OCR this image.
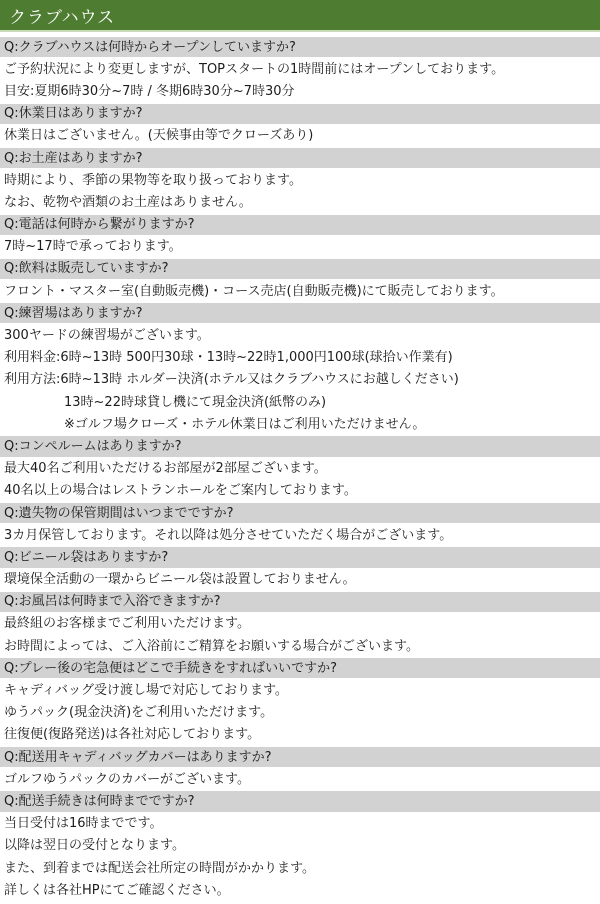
クラブハウス
Q:クラブハウスは何時からオープンしていますか?
ご予約状況により変更しますが、TOPスタートの1時間前にはオープンしております。
目安:夏期6時30分~7時 / 冬期6時30分~7時30分
Q:休業日はありますか?
休業日はございません。(天候事由等でクローズあり)
Q:お土産はありますか?
時期により、季節の果物等を取り扱っております。
なお、乾物や酒類のお土産はありません。
Q:電話は何時から繋がりますか?
7時~17時で承っております。
Q:飲料は販売していますか?
フロント・マスター室(自動販売機)・コース売店(自動販売機)にて販売しております。
Q:練習場はありますか?
300ヤードの練習場がございます。
利用料金:6時~13時 500円30球・13時~22時1,000円100球(球拾い作業有)
利用方法:6時~13時 ホルダー決済(ホテル又はクラブハウスにお越しください)
13時~22時球貸し機にて現金決済(紙幣のみ)
※ゴルフ場クローズ・ホテル休業日はご利用いただけません。
Q:コンペルームはありますか?
最大40名ご利用いただけるお部屋が2部屋ございます。
40名以上の場合はレストランホールをご案内しております。
Q:遺失物の保管期間はいつまでですか?
3カ月保管しております。それ以降は処分させていただく場合がございます。
Q:ビニール袋はありますか?
環境保全活動の一環からビニール袋は設置しておりません。
Q:お風呂は何時まで入浴できますか?
最終組のお客様までご利用いただけます。
お時間によっては、ご入浴前にご精算をお願いする場合がございます。
Q:プレー後の宅急便はどこで手続きをすればいいですか?
キャディバッグ受け渡し場で対応しております。
ゆうパック(現金決済)をご利用いただけます。
往復便(復路発送)は各社対応しております。
Q:配送用キャディバッグカバーはありますか?
ゴルフゆうパックのカバーがございます。
Q:配送手続きは何時までですか?
当日受付は16時までです。
以降は翌日の受付となります。
また、到着までは配送会社所定の時間がかかります。
詳しくは各社HPにてご確認ください。
